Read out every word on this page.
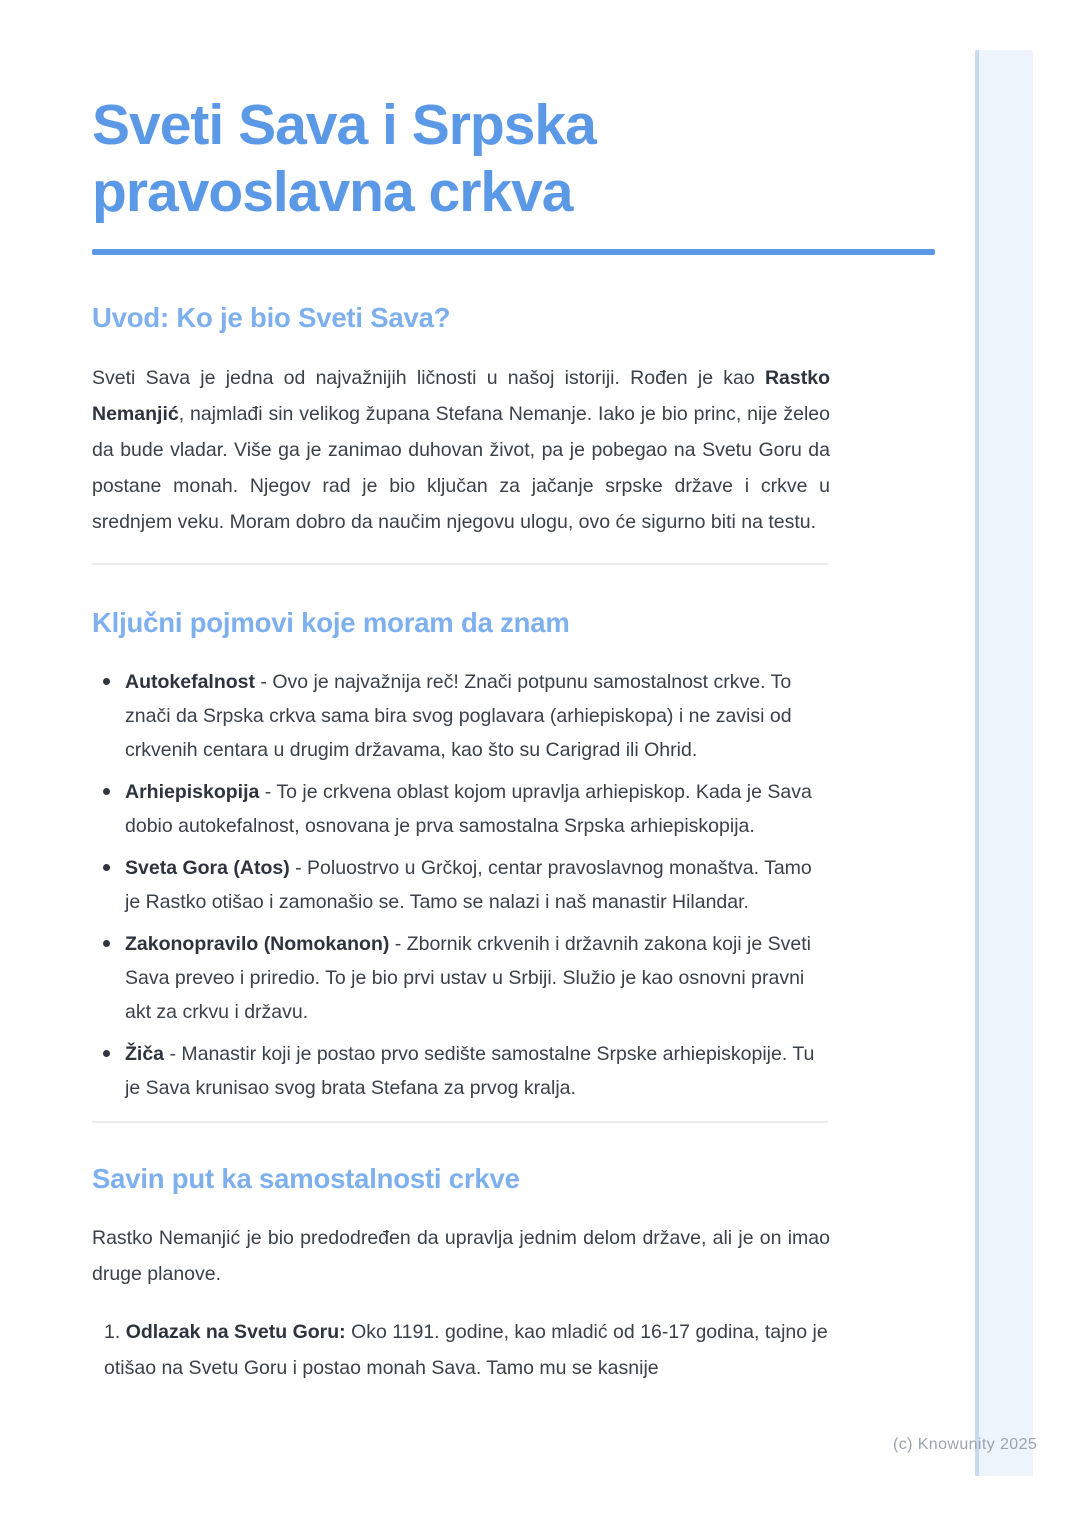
(c) Knowunity 2025
Sveti Sava i Srpska pravoslavna crkva
Uvod: Ko je bio Sveti Sava?

Sveti Sava je jedna od najvažnijih ličnosti u našoj istoriji. Rođen je kao Rastko Nemanjić, najmlađi sin velikog župana Stefana Nemanje. Iako je bio princ, nije želeo da bude vladar. Više ga je zanimao duhovan život, pa je pobegao na Svetu Goru da postane monah. Njegov rad je bio ključan za jačanje srpske države i crkve u srednjem veku. Moram dobro da naučim njegovu ulogu, ovo će sigurno biti na testu.

Ključni pojmovi koje moram da znam
Autokefalnost - Ovo je najvažnija reč! Znači potpunu samostalnost crkve. To znači da Srpska crkva sama bira svog poglavara (arhiepiskopa) i ne zavisi od crkvenih centara u drugim državama, kao što su Carigrad ili Ohrid.
Arhiepiskopija - To je crkvena oblast kojom upravlja arhiepiskop. Kada je Sava dobio autokefalnost, osnovana je prva samostalna Srpska arhiepiskopija.
Sveta Gora (Atos) - Poluostrvo u Grčkoj, centar pravoslavnog monaštva. Tamo je Rastko otišao i zamonašio se. Tamo se nalazi i naš manastir Hilandar.
Zakonopravilo (Nomokanon) - Zbornik crkvenih i državnih zakona koji je Sveti Sava preveo i priredio. To je bio prvi ustav u Srbiji. Služio je kao osnovni pravni akt za crkvu i državu.
Žiča - Manastir koji je postao prvo sedište samostalne Srpske arhiepiskopije. Tu je Sava krunisao svog brata Stefana za prvog kralja.
Savin put ka samostalnosti crkve

Rastko Nemanjić je bio predodređen da upravlja jednim delom države, ali je on imao druge planove.

1. Odlazak na Svetu Goru: Oko 1191. godine, kao mladić od 16-17 godina, tajno je otišao na Svetu Goru i postao monah Sava. Tamo mu se kasnije
